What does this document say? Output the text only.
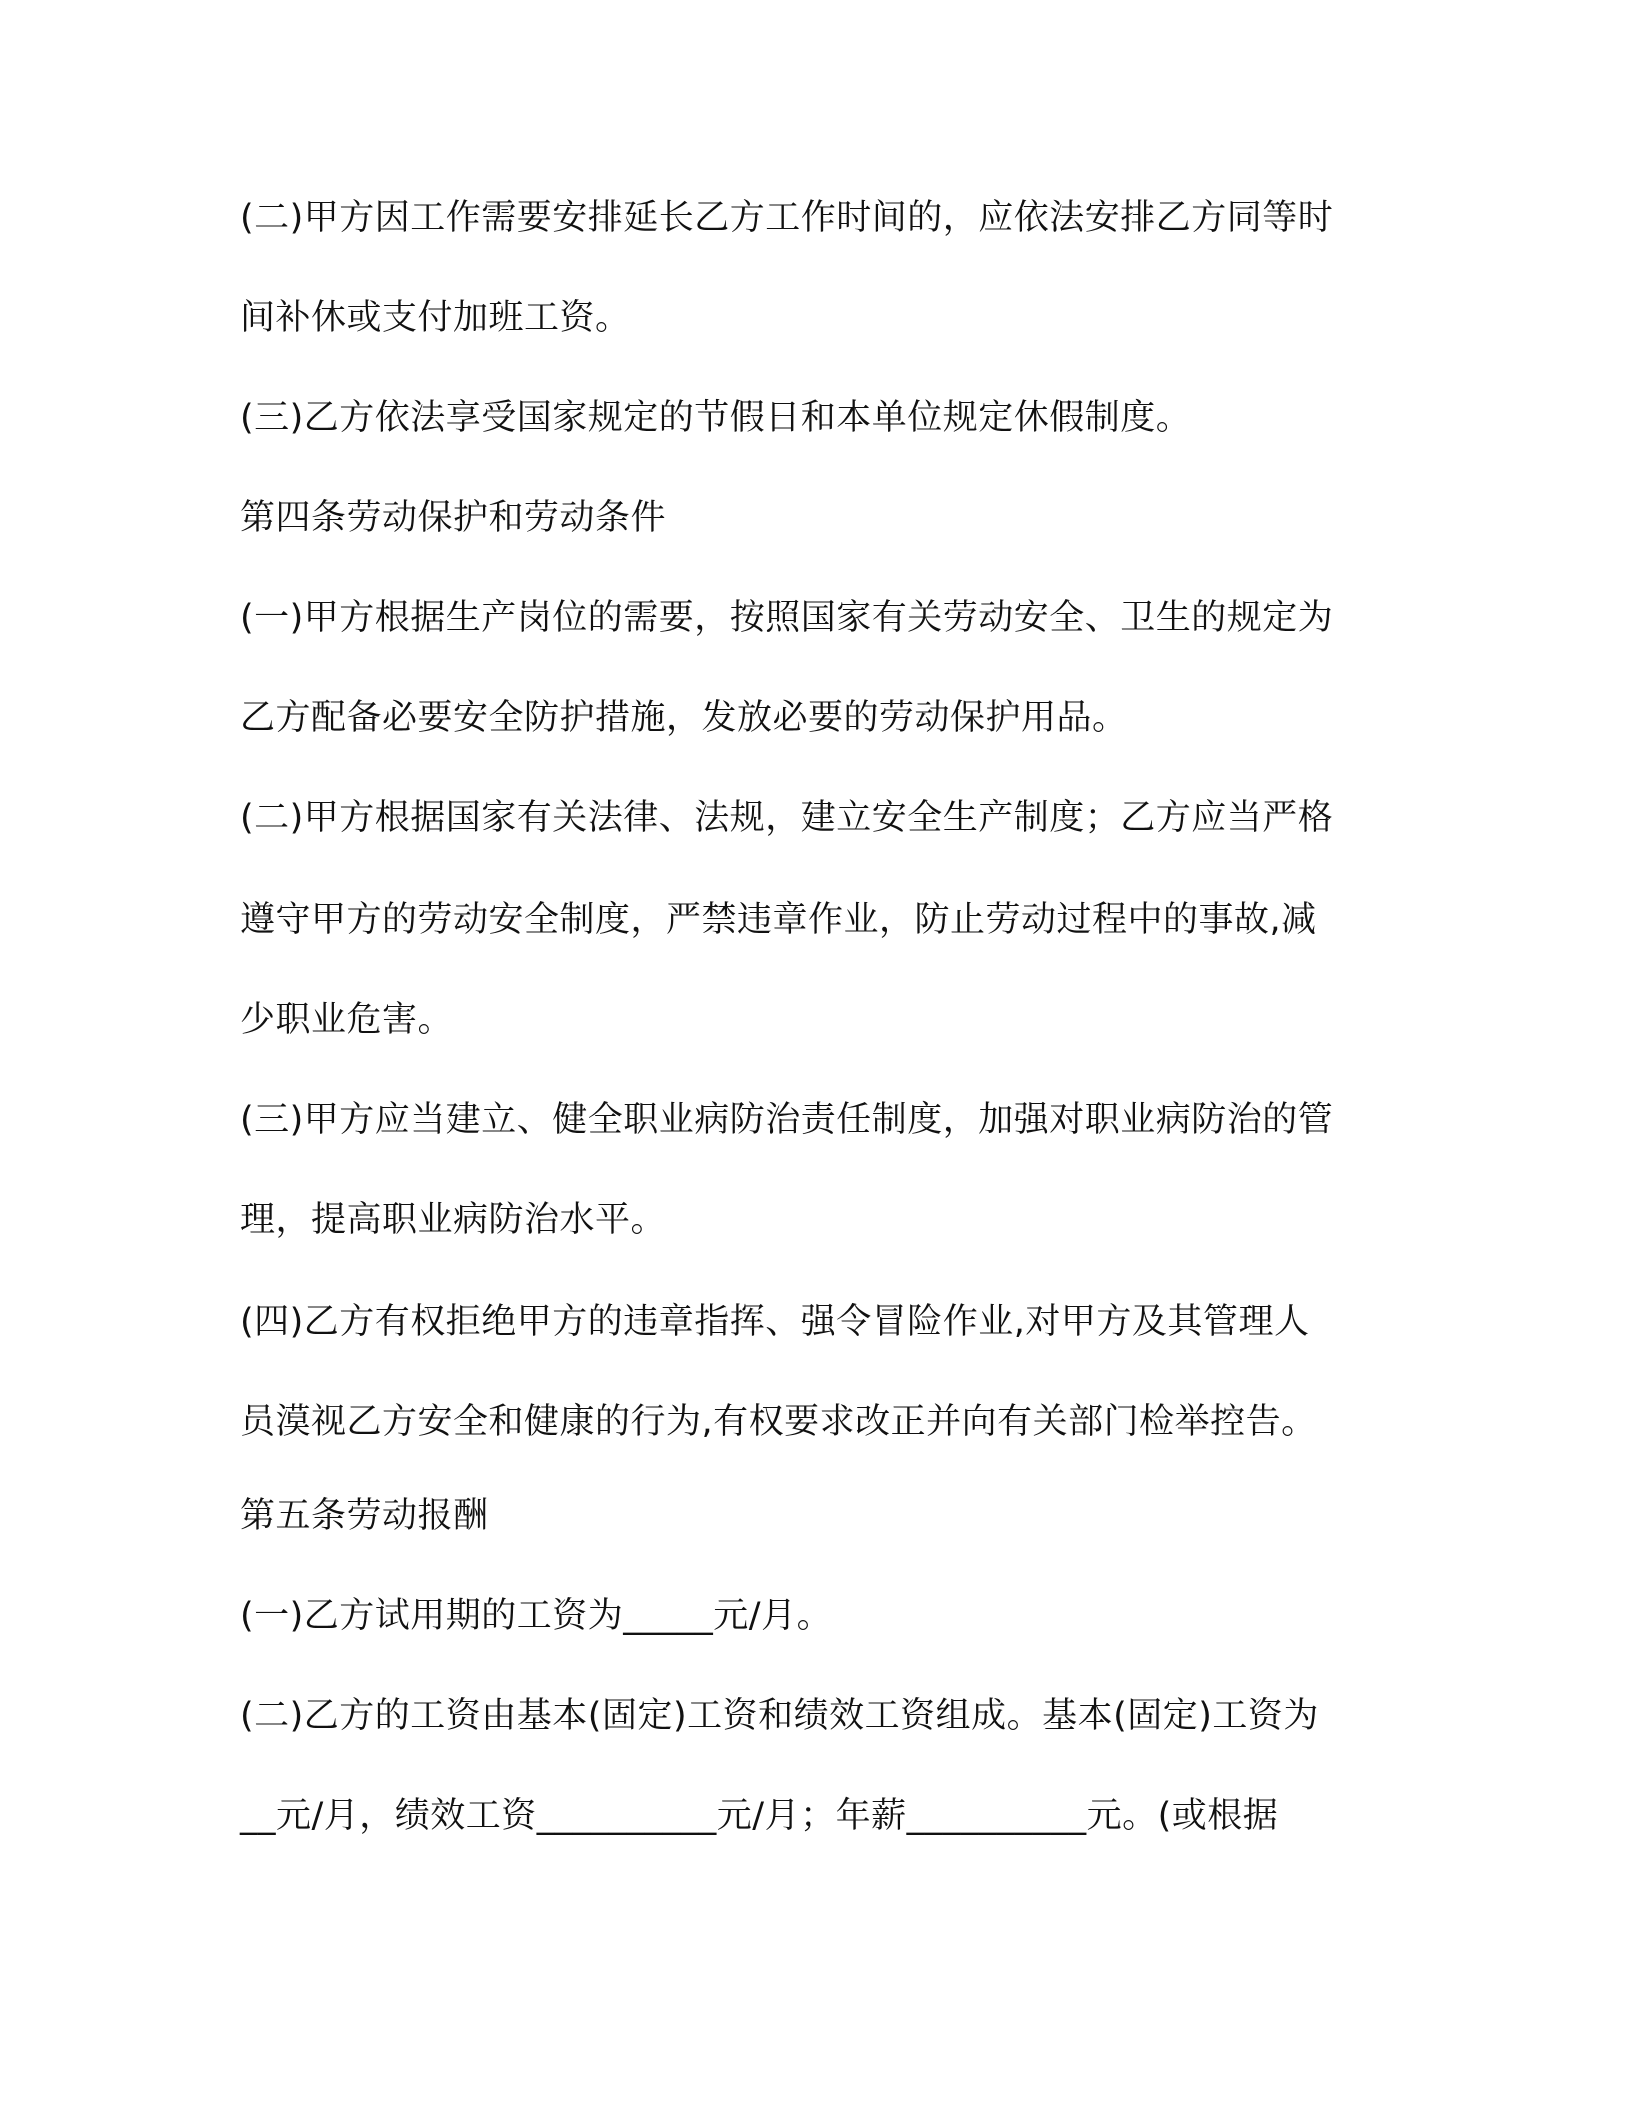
(二)甲方因工作需要安排延长乙方工作时间的，应依法安排乙方同等时
间补休或支付加班工资。
(三)乙方依法享受国家规定的节假日和本单位规定休假制度。
第四条劳动保护和劳动条件
(一)甲方根据生产岗位的需要，按照国家有关劳动安全、卫生的规定为
乙方配备必要安全防护措施，发放必要的劳动保护用品。
(二)甲方根据国家有关法律、法规，建立安全生产制度；乙方应当严格
遵守甲方的劳动安全制度，严禁违章作业，防止劳动过程中的事故,减
少职业危害。
(三)甲方应当建立、健全职业病防治责任制度，加强对职业病防治的管
理，提高职业病防治水平。
(四)乙方有权拒绝甲方的违章指挥、强令冒险作业,对甲方及其管理人
员漠视乙方安全和健康的行为,有权要求改正并向有关部门检举控告。
第五条劳动报酬
(一)乙方试用期的工资为_____元/月。
(二)乙方的工资由基本(固定)工资和绩效工资组成。基本(固定)工资为
__元/月，绩效工资__________元/月；年薪__________元。(或根据
